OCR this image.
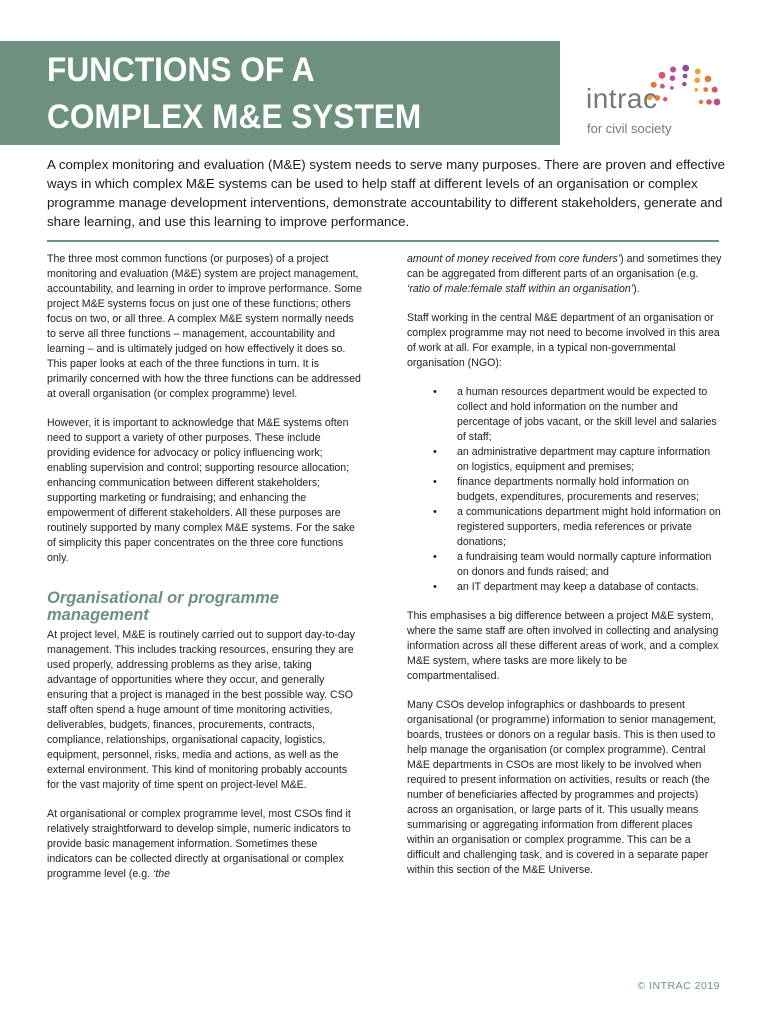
FUNCTIONS OF A
COMPLEX M&E SYSTEM	intrac

for civil society

A complex monitoring and evaluation (M&E) system needs to serve many purposes. There are proven and effective ways in which complex M&E systems can be used to help staff at different levels of an organisation or complex programme manage development interventions, demonstrate accountability to different stakeholders, generate and share learning, and use this learning to improve performance.

The three most common functions (or purposes) of a project monitoring and evaluation (M&E) system are project management, accountability, and learning in order to improve performance. Some project M&E systems focus on just one of these functions; others focus on two, or all three. A complex M&E system normally needs to serve all three functions – management, accountability and learning – and is ultimately judged on how effectively it does so. This paper looks at each of the three functions in turn. It is primarily concerned with how the three functions can be addressed at overall organisation (or complex programme) level.

However, it is important to acknowledge that M&E systems often need to support a variety of other purposes. These include providing evidence for advocacy or policy influencing work; enabling supervision and control; supporting resource allocation; enhancing communication between different stakeholders; supporting marketing or fundraising; and enhancing the empowerment of different stakeholders. All these purposes are routinely supported by many complex M&E systems. For the sake of simplicity this paper concentrates on the three core functions only.

Organisational or programme management

At project level, M&E is routinely carried out to support day-to-day management. This includes tracking resources, ensuring they are used properly, addressing problems as they arise, taking advantage of opportunities where they occur, and generally ensuring that a project is managed in the best possible way. CSO staff often spend a huge amount of time monitoring activities, deliverables, budgets, finances, procurements, contracts, compliance, relationships, organisational capacity, logistics, equipment, personnel, risks, media and actions, as well as the external environment. This kind of monitoring probably accounts for the vast majority of time spent on project-level M&E.

At organisational or complex programme level, most CSOs find it relatively straightforward to develop simple, numeric indicators to provide basic management information. Sometimes these indicators can be collected directly at organisational or complex programme level (e.g. ‘the

amount of money received from core funders’) and sometimes they can be aggregated from different parts of an organisation (e.g. ‘ratio of male:female staff within an organisation’).

Staff working in the central M&E department of an organisation or complex programme may not need to become involved in this area of work at all. For example, in a typical non-governmental organisation (NGO):

• a human resources department would be expected to collect and hold information on the number and percentage of jobs vacant, or the skill level and salaries of staff;
• an administrative department may capture information on logistics, equipment and premises;
• finance departments normally hold information on budgets, expenditures, procurements and reserves;
• a communications department might hold information on registered supporters, media references or private donations;
• a fundraising team would normally capture information on donors and funds raised; and
• an IT department may keep a database of contacts.

This emphasises a big difference between a project M&E system, where the same staff are often involved in collecting and analysing information across all these different areas of work, and a complex M&E system, where tasks are more likely to be compartmentalised.

Many CSOs develop infographics or dashboards to present organisational (or programme) information to senior management, boards, trustees or donors on a regular basis. This is then used to help manage the organisation (or complex programme). Central M&E departments in CSOs are most likely to be involved when required to present information on activities, results or reach (the number of beneficiaries affected by programmes and projects) across an organisation, or large parts of it. This usually means summarising or aggregating information from different places within an organisation or complex programme. This can be a difficult and challenging task, and is covered in a separate paper within this section of the M&E Universe.

© INTRAC 2019
